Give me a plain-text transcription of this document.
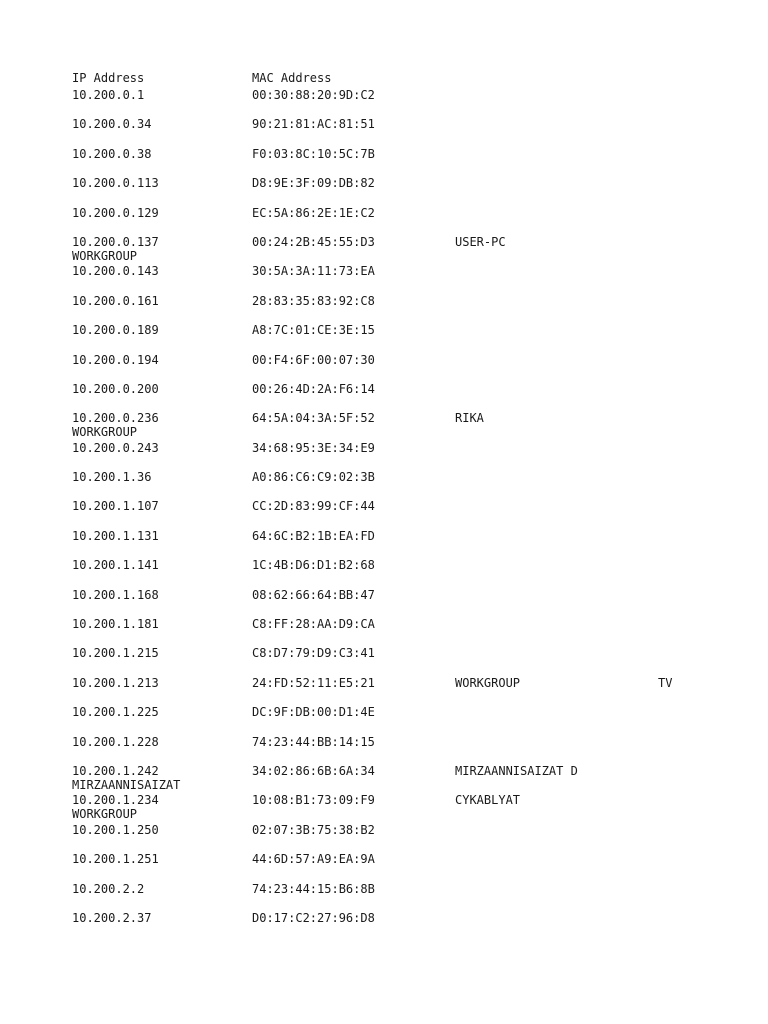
IP Address	MAC Address
10.200.0.1	00:30:88:20:9D:C2
10.200.0.34	90:21:81:AC:81:51
10.200.0.38	F0:03:8C:10:5C:7B
10.200.0.113	D8:9E:3F:09:DB:82
10.200.0.129	EC:5A:86:2E:1E:C2
10.200.0.137	00:24:2B:45:55:D3	USER-PC
WORKGROUP
10.200.0.143	30:5A:3A:11:73:EA
10.200.0.161	28:83:35:83:92:C8
10.200.0.189	A8:7C:01:CE:3E:15
10.200.0.194	00:F4:6F:00:07:30
10.200.0.200	00:26:4D:2A:F6:14
10.200.0.236	64:5A:04:3A:5F:52	RIKA
WORKGROUP
10.200.0.243	34:68:95:3E:34:E9
10.200.1.36	A0:86:C6:C9:02:3B
10.200.1.107	CC:2D:83:99:CF:44
10.200.1.131	64:6C:B2:1B:EA:FD
10.200.1.141	1C:4B:D6:D1:B2:68
10.200.1.168	08:62:66:64:BB:47
10.200.1.181	C8:FF:28:AA:D9:CA
10.200.1.215	C8:D7:79:D9:C3:41
10.200.1.213	24:FD:52:11:E5:21	WORKGROUP	TV
10.200.1.225	DC:9F:DB:00:D1:4E
10.200.1.228	74:23:44:BB:14:15
10.200.1.242	34:02:86:6B:6A:34	MIRZAANNISAIZAT D
MIRZAANNISAIZAT
10.200.1.234	10:08:B1:73:09:F9	CYKABLYAT
WORKGROUP
10.200.1.250	02:07:3B:75:38:B2
10.200.1.251	44:6D:57:A9:EA:9A
10.200.2.2	74:23:44:15:B6:8B
10.200.2.37	D0:17:C2:27:96:D8
